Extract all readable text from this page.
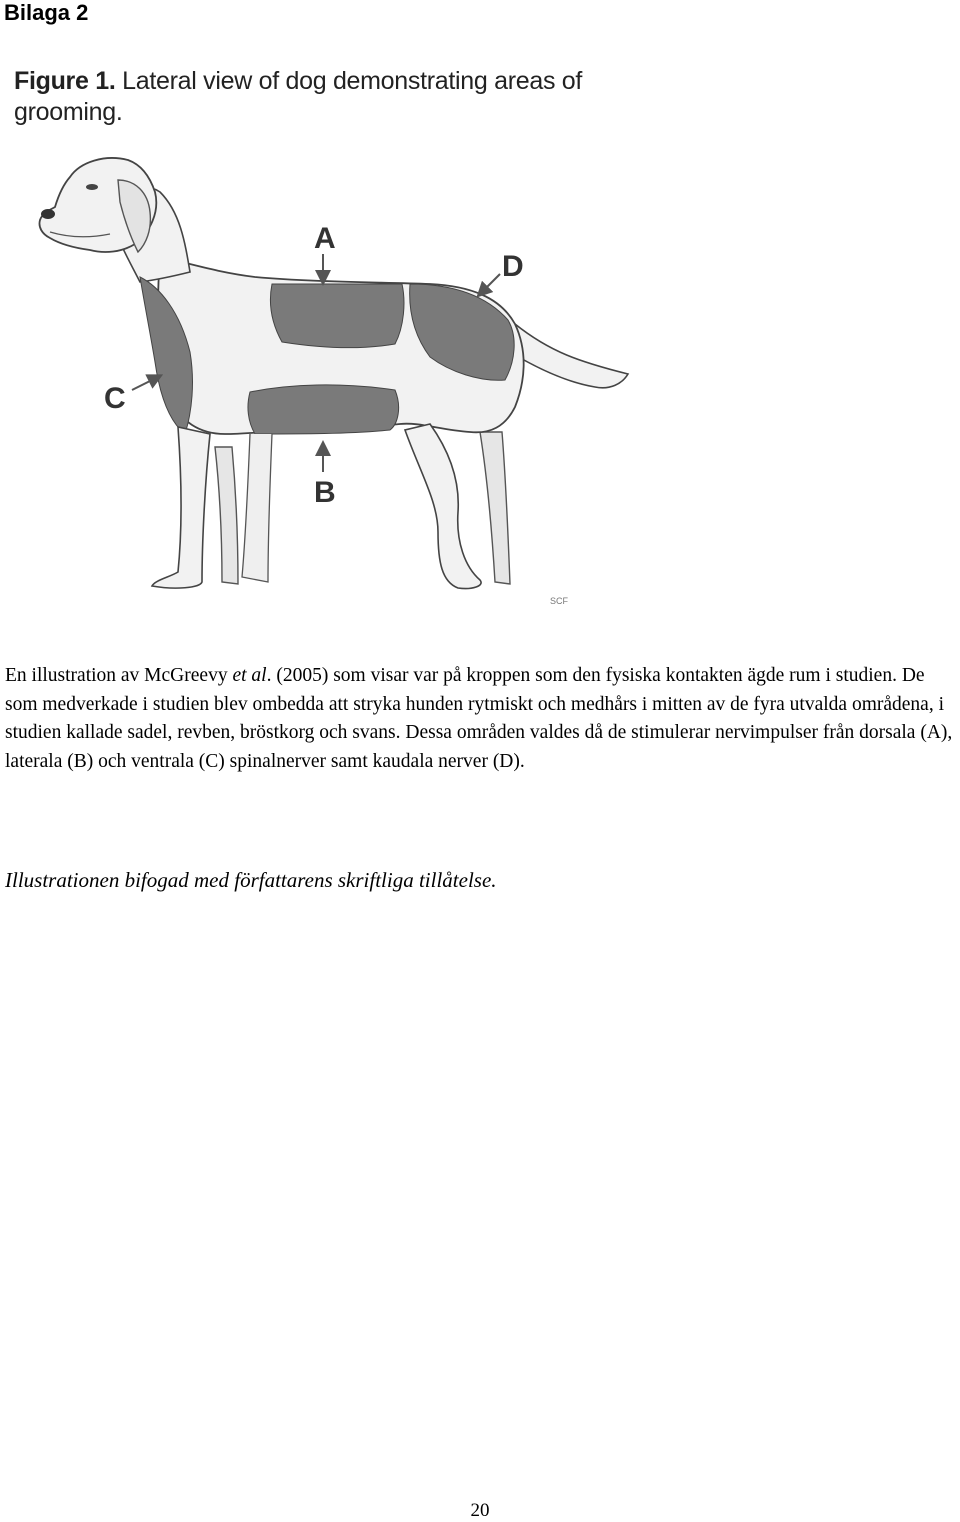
Bilaga 2
A
B
C
D
SCF
Figure 1. Lateral view of dog demonstrating areas of grooming.

En illustration av McGreevy et al. (2005) som visar var på kroppen som den fysiska kontakten ägde rum i studien. De som medverkade i studien blev ombedda att stryka hunden rytmiskt och medhårs i mitten av de fyra utvalda områdena, i studien kallade sadel, revben, bröstkorg och svans. Dessa områden valdes då de stimulerar nervimpulser från dorsala (A), laterala (B) och ventrala (C) spinalnerver samt kaudala nerver (D).

Illustrationen bifogad med författarens skriftliga tillåtelse.
20
